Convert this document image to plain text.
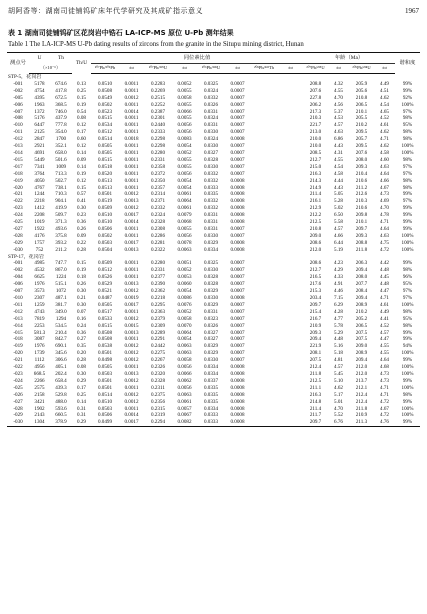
胡阿香等：湖南司徒铺钨矿床年代学研究及其成矿指示意义	1967
表 1 湖南司徒铺钨矿区花岗岩中锆石 LA-ICP-MS 原位 U-Pb 测年结果
Table 1 The LA-ICP-MS U-Pb dating results of zircons from the granite in the Situpu mining district, Hunan
测点号	U	Th	Th/U	同位素比值								年龄（Ma）				谐和度
	（×10⁻⁶）			²⁰⁷Pb/²⁰⁶Pb	±σ	²⁰⁷Pb/²³⁵U	±σ	²⁰⁶Pb/²³⁸U	±σ	²⁰⁸Pb/²³²Th	±σ	²⁰⁷Pb/²³⁵U	±σ	²⁰⁶Pb/²³⁸U	±σ	
STP-5，花岗岩																
-001	5178	674.6	0.13	0.0510	0.0011	0.2283	0.0052	0.0325	0.0007			208.8	4.32	205.9	4.49	99%
-002	4754	417.8	0.25	0.0508	0.0011	0.2269	0.0055	0.0324	0.0007			207.6	4.55	205.6	4.51	99%
-005	4395	672.5	0.15	0.0549	0.0012	0.2515	0.0058	0.0332	0.0007			227.8	4.70	210.8	4.62	92%
-006	1963	368.5	0.19	0.0502	0.0011	0.2252	0.0055	0.0326	0.0007			206.2	4.56	206.5	4.54	100%
-007	1372	746.0	0.54	0.0523	0.0014	0.2387	0.0066	0.0331	0.0007			217.3	5.37	210.1	4.65	97%
-008	5176	437.9	0.08	0.0515	0.0011	0.2301	0.0055	0.0324	0.0007			210.3	4.53	205.5	4.52	98%
-010	6447	777.8	0.12	0.0534	0.0011	0.2440	0.0056	0.0331	0.0007			221.7	4.57	210.2	4.61	95%
-011	2125	354.0	0.17	0.0512	0.0011	0.2333	0.0056	0.0330	0.0007			213.0	4.63	209.5	4.62	98%
-012	2847	1700	0.60	0.0514	0.0018	0.2298	0.0083	0.0324	0.0008			210.0	6.86	205.7	4.71	98%
-013	2921	352.1	0.12	0.0505	0.0011	0.2298	0.0054	0.0330	0.0007			210.0	4.43	209.5	4.62	100%
-014	4691	658.0	0.14	0.0505	0.0011	0.2280	0.0052	0.0327	0.0007			208.5	4.31	207.6	4.58	100%
-015	5449	501.6	0.09	0.0515	0.0011	0.2331	0.0055	0.0328	0.0007			212.7	4.55	208.0	4.60	98%
-017	7341	1009	0.14	0.0518	0.0011	0.2358	0.0055	0.0330	0.0007			215.0	4.54	209.3	4.63	97%
-018	3764	713.3	0.19	0.0520	0.0011	0.2372	0.0056	0.0332	0.0007			216.3	4.58	210.4	4.64	97%
-019	4050	502.7	0.12	0.0513	0.0011	0.2350	0.0054	0.0332	0.0008			214.3	4.44	210.6	4.66	98%
-020	4767	738.1	0.15	0.0513	0.0011	0.2357	0.0054	0.0333	0.0008			214.9	4.43	211.2	4.67	98%
-021	1244	710.3	0.57	0.0501	0.0012	0.2314	0.0061	0.0335	0.0008			211.4	5.05	212.6	4.73	99%
-022	2218	904.1	0.41	0.0519	0.0013	0.2371	0.0064	0.0332	0.0008			216.1	5.28	210.3	4.69	97%
-023	1412	419.9	0.30	0.0509	0.0012	0.2332	0.0061	0.0332	0.0008			212.9	5.02	210.6	4.70	99%
-024	2208	509.7	0.23	0.0510	0.0017	0.2324	0.0079	0.0331	0.0008			212.2	6.50	209.8	4.78	99%
-025	1019	371.3	0.36	0.0510	0.0014	0.2328	0.0068	0.0331	0.0008			212.5	5.58	210.1	4.71	99%
-027	1922	493.6	0.26	0.0506	0.0011	0.2308	0.0055	0.0331	0.0007			210.8	4.57	209.7	4.64	99%
-028	4176	375.8	0.09	0.0502	0.0011	0.2286	0.0056	0.0330	0.0007			209.0	4.66	209.3	4.63	100%
-029	1757	393.2	0.22	0.0503	0.0017	0.2281	0.0078	0.0329	0.0008			208.6	6.44	208.8	4.75	100%
-030	752	211.2	0.28	0.0504	0.0013	0.2322	0.0063	0.0334	0.0008			212.0	5.19	211.8	4.72	100%
STP-17，花岗岩																
-001	4985	747.7	0.15	0.0509	0.0011	0.2280	0.0051	0.0325	0.0007			208.6	4.23	206.3	4.42	99%
-002	4532	867.0	0.19	0.0512	0.0011	0.2331	0.0052	0.0330	0.0007			212.7	4.29	209.4	4.48	98%
-004	6625	1224	0.18	0.0526	0.0011	0.2377	0.0053	0.0328	0.0007			216.5	4.33	208.0	4.45	96%
-006	1976	515.1	0.26	0.0529	0.0013	0.2390	0.0060	0.0328	0.0007			217.6	4.91	207.7	4.48	95%
-007	3573	1072	0.30	0.0521	0.0012	0.2362	0.0054	0.0329	0.0007			215.3	4.46	208.4	4.47	97%
-010	2307	487.1	0.21	0.0487	0.0019	0.2218	0.0086	0.0330	0.0008			203.4	7.15	209.4	4.71	97%
-011	1259	381.7	0.30	0.0505	0.0017	0.2295	0.0076	0.0329	0.0007			209.7	6.29	208.9	4.61	100%
-012	4743	349.0	0.07	0.0517	0.0011	0.2363	0.0052	0.0331	0.0007			215.4	4.28	210.2	4.49	98%
-013	7819	1294	0.16	0.0533	0.0012	0.2379	0.0058	0.0323	0.0007			216.7	4.77	205.2	4.41	95%
-014	2253	534.5	0.24	0.0515	0.0015	0.2309	0.0070	0.0326	0.0007			210.9	5.78	206.5	4.52	98%
-015	581.3	210.4	0.36	0.0508	0.0013	0.2289	0.0064	0.0327	0.0007			209.3	5.29	207.5	4.57	99%
-018	3087	842.7	0.27	0.0508	0.0011	0.2291	0.0054	0.0327	0.0007			209.4	4.48	207.5	4.47	99%
-019	1976	690.1	0.35	0.0538	0.0012	0.2442	0.0063	0.0329	0.0007			221.9	5.16	209.0	4.55	94%
-020	1739	345.6	0.20	0.0501	0.0012	0.2275	0.0063	0.0329	0.0007			208.1	5.18	208.9	4.55	100%
-021	1112	306.6	0.28	0.0498	0.0012	0.2267	0.0058	0.0330	0.0007			207.5	4.81	209.4	4.64	99%
-022	4956	405.1	0.08	0.0505	0.0011	0.2326	0.0056	0.0334	0.0008			212.4	4.57	212.0	4.68	100%
-023	668.5	202.4	0.30	0.0503	0.0013	0.2320	0.0066	0.0334	0.0008			211.8	5.45	212.0	4.73	100%
-024	2266	658.4	0.29	0.0501	0.0012	0.2328	0.0062	0.0337	0.0008			212.5	5.10	213.7	4.73	99%
-025	2575	439.3	0.17	0.0501	0.0011	0.2311	0.0056	0.0335	0.0008			211.1	4.62	212.1	4.71	100%
-026	2158	529.8	0.25	0.0514	0.0012	0.2375	0.0063	0.0335	0.0008			216.3	5.17	212.4	4.71	98%
-027	3421	488.0	0.14	0.0510	0.0012	0.2356	0.0061	0.0335	0.0008			214.8	5.01	212.4	4.72	99%
-028	1902	593.6	0.31	0.0503	0.0011	0.2315	0.0057	0.0334	0.0008			211.4	4.70	211.8	4.67	100%
-029	2143	660.5	0.31	0.0506	0.0014	0.2319	0.0067	0.0333	0.0008			211.7	5.52	210.9	4.72	100%
-030	1304	378.9	0.29	0.0499	0.0017	0.2294	0.0082	0.0333	0.0008			209.7	6.76	211.3	4.76	99%
